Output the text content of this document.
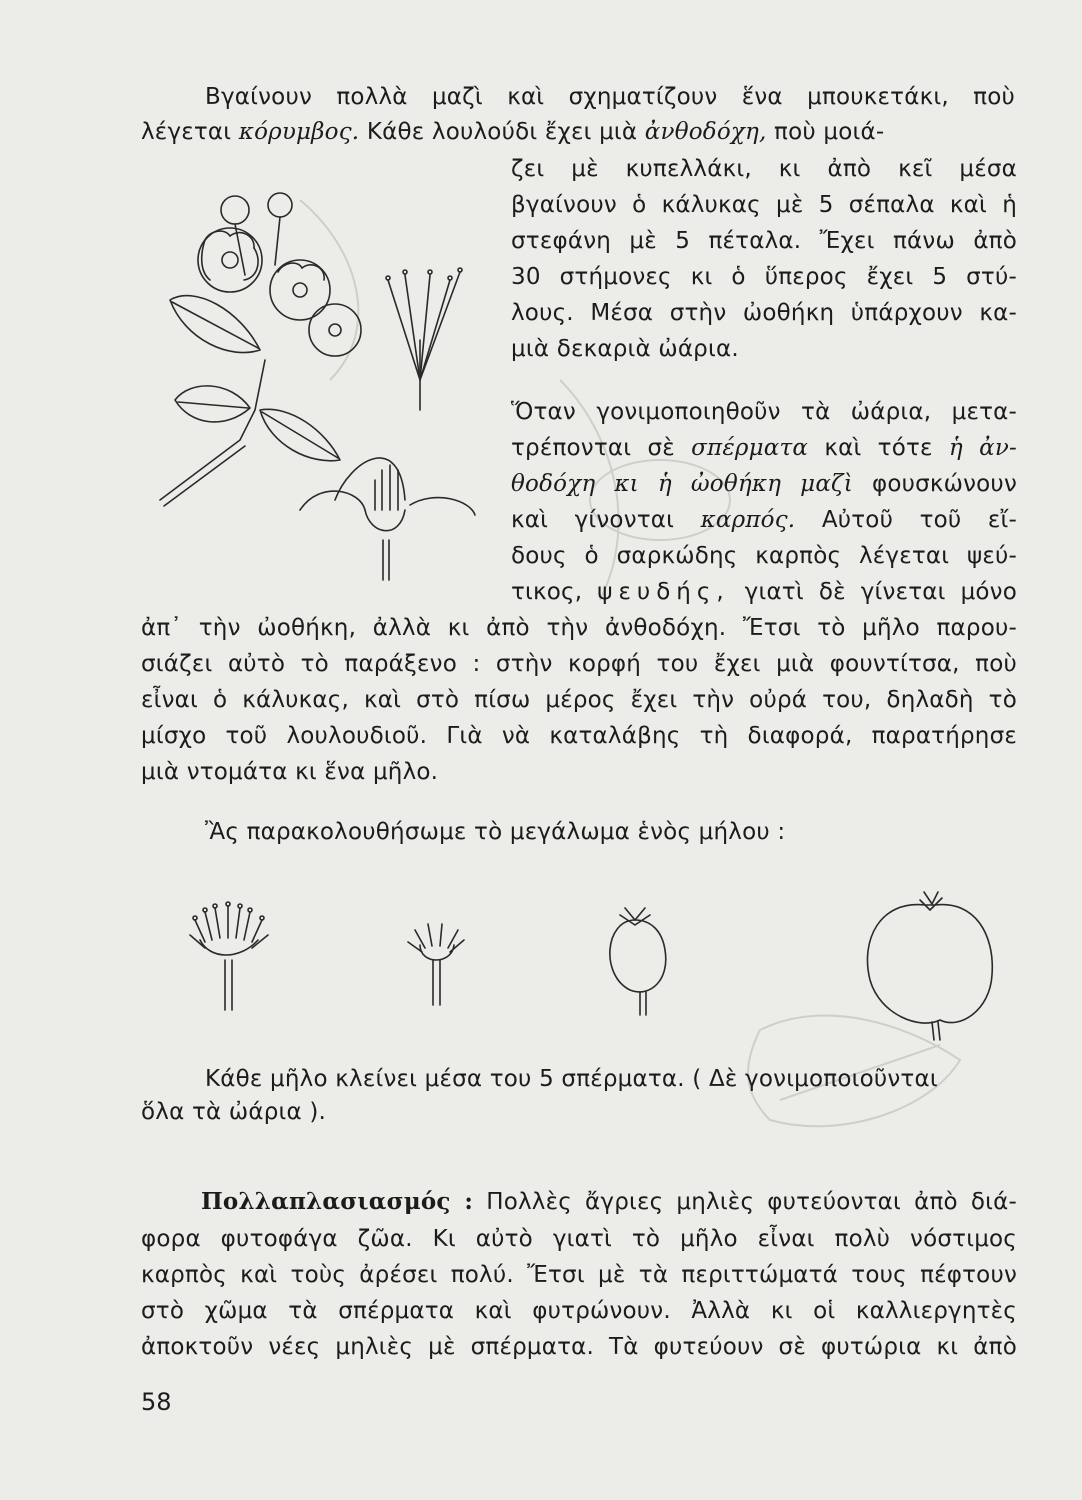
Βγαίνουν πολλὰ μαζὶ καὶ σχηματίζουν ἕνα μπουκετάκι, ποὺ
λέγεται κόρυμβος. Κάθε λουλούδι ἔχει μιὰ ἀνθοδόχη, ποὺ μοιά-
ζει μὲ κυπελλάκι, κι ἀπὸ κεῖ μέσα
βγαίνουν ὁ κάλυκας μὲ 5 σέπαλα καὶ ἡ
στεφάνη μὲ 5 πέταλα. Ἔχει πάνω ἀπὸ
30 στήμονες κι ὁ ὕπερος ἔχει 5 στύ-
λους. Μέσα στὴν ὠοθήκη ὑπάρχουν κα-
μιὰ δεκαριὰ ὠάρια.
Ὅταν γονιμοποιηθοῦν τὰ ὠάρια, μετα-
τρέπονται σὲ σπέρματα καὶ τότε ἡ ἀν-
θοδόχη κι ἡ ὠοθήκη μαζὶ φουσκώνουν
καὶ γίνονται καρπός. Αὐτοῦ τοῦ εἴ-
δους ὁ σαρκώδης καρπὸς λέγεται ψεύ-
τικος, ψευδής, γιατὶ δὲ γίνεται μόνο
ἀπ᾽ τὴν ὠοθήκη, ἀλλὰ κι ἀπὸ τὴν ἀνθοδόχη. Ἔτσι τὸ μῆλο παρου-
σιάζει αὐτὸ τὸ παράξενο : στὴν κορφή του ἔχει μιὰ φουντίτσα, ποὺ
εἶναι ὁ κάλυκας, καὶ στὸ πίσω μέρος ἔχει τὴν οὐρά του, δηλαδὴ τὸ
μίσχο τοῦ λουλουδιοῦ. Γιὰ νὰ καταλάβης τὴ διαφορά, παρατήρησε
μιὰ ντομάτα κι ἕνα μῆλο.
Ἂς παρακολουθήσωμε τὸ μεγάλωμα ἑνὸς μήλου :
Κάθε μῆλο κλείνει μέσα του 5 σπέρματα. ( Δὲ γονιμοποιοῦνται
ὅλα τὰ ὠάρια ).
Πολλαπλασιασμός : Πολλὲς ἄγριες μηλιὲς φυτεύονται ἀπὸ διά-
φορα φυτοφάγα ζῶα. Κι αὐτὸ γιατὶ τὸ μῆλο εἶναι πολὺ νόστιμος
καρπὸς καὶ τοὺς ἀρέσει πολύ. Ἔτσι μὲ τὰ περιττώματά τους πέφτουν
στὸ χῶμα τὰ σπέρματα καὶ φυτρώνουν. Ἀλλὰ κι οἱ καλλιεργητὲς
ἀποκτοῦν νέες μηλιὲς μὲ σπέρματα. Τὰ φυτεύουν σὲ φυτώρια κι ἀπὸ
58
